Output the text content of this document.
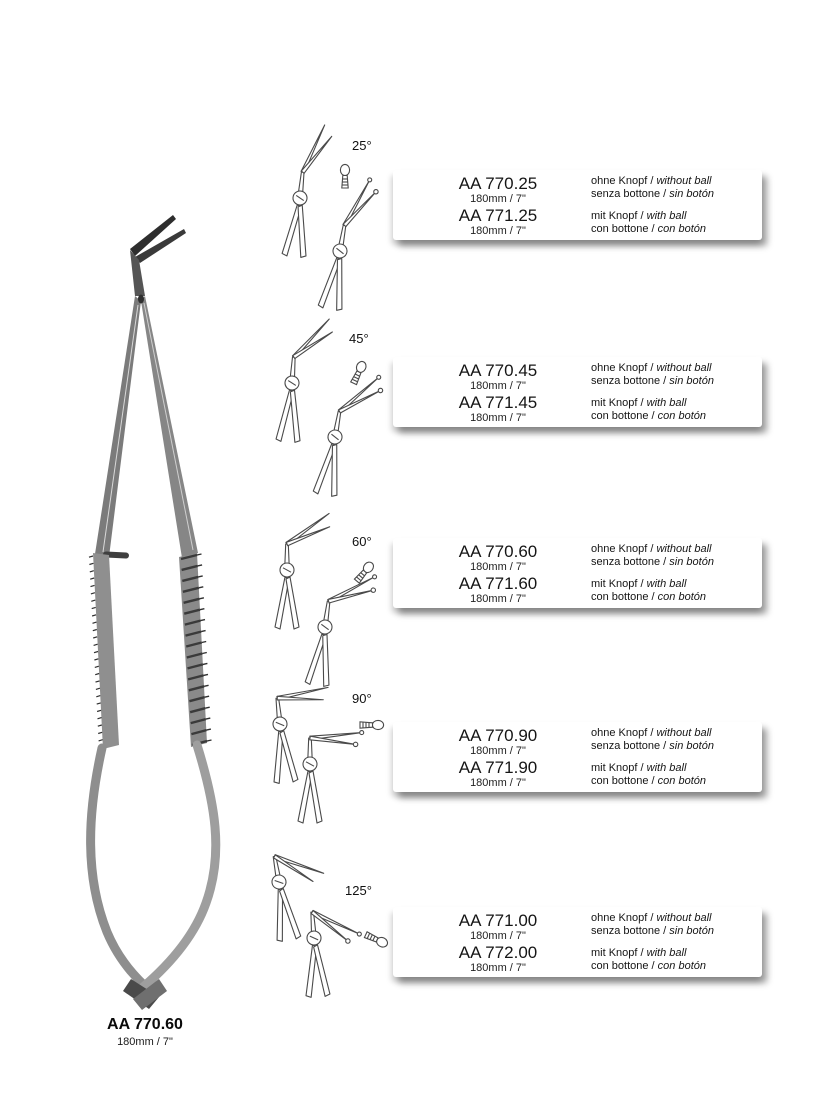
AA 770.60
180mm / 7"
25°
AA 770.25
180mm / 7"
AA 771.25
180mm / 7"
ohne Knopf / without ball
senza bottone / sin botón
mit Knopf / with ball
con bottone / con botón
45°
AA 770.45
180mm / 7"
AA 771.45
180mm / 7"
ohne Knopf / without ball
senza bottone / sin botón
mit Knopf / with ball
con bottone / con botón
60°	AA 770.60
180mm / 7"
AA 771.60
180mm / 7"
ohne Knopf / without ball
senza bottone / sin botón
mit Knopf / with ball
con bottone / con botón
90°
AA 770.90
180mm / 7"
AA 771.90
180mm / 7"
ohne Knopf / without ball
senza bottone / sin botón
mit Knopf / with ball
con bottone / con botón
125°
AA 771.00
180mm / 7"
AA 772.00
180mm / 7"
ohne Knopf / without ball
senza bottone / sin botón
mit Knopf / with ball
con bottone / con botón
